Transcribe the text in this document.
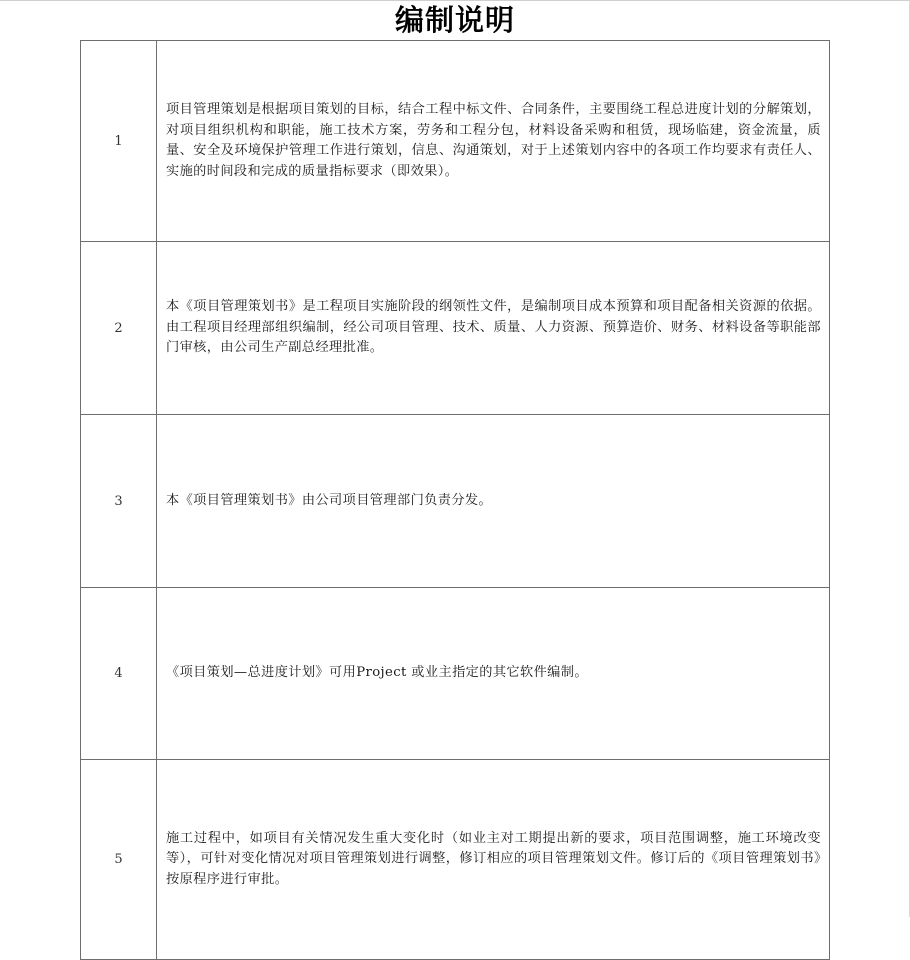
编制说明
1	项目管理策划是根据项目策划的目标，结合工程中标文件、合同条件，主要围绕工程总进度计划的分解策划，对项目组织机构和职能，施工技术方案，劳务和工程分包，材料设备采购和租赁，现场临建，资金流量，质量、安全及环境保护管理工作进行策划，信息、沟通策划，对于上述策划内容中的各项工作均要求有责任人、实施的时间段和完成的质量指标要求（即效果）。
2	本《项目管理策划书》是工程项目实施阶段的纲领性文件，是编制项目成本预算和项目配备相关资源的依据。由工程项目经理部组织编制，经公司项目管理、技术、质量、人力资源、预算造价、财务、材料设备等职能部门审核，由公司生产副总经理批准。
3	本《项目管理策划书》由公司项目管理部门负责分发。
4	《项目策划—总进度计划》可用Project 或业主指定的其它软件编制。
5	施工过程中，如项目有关情况发生重大变化时（如业主对工期提出新的要求，项目范围调整，施工环境改变等），可针对变化情况对项目管理策划进行调整，修订相应的项目管理策划文件。修订后的《项目管理策划书》按原程序进行审批。
